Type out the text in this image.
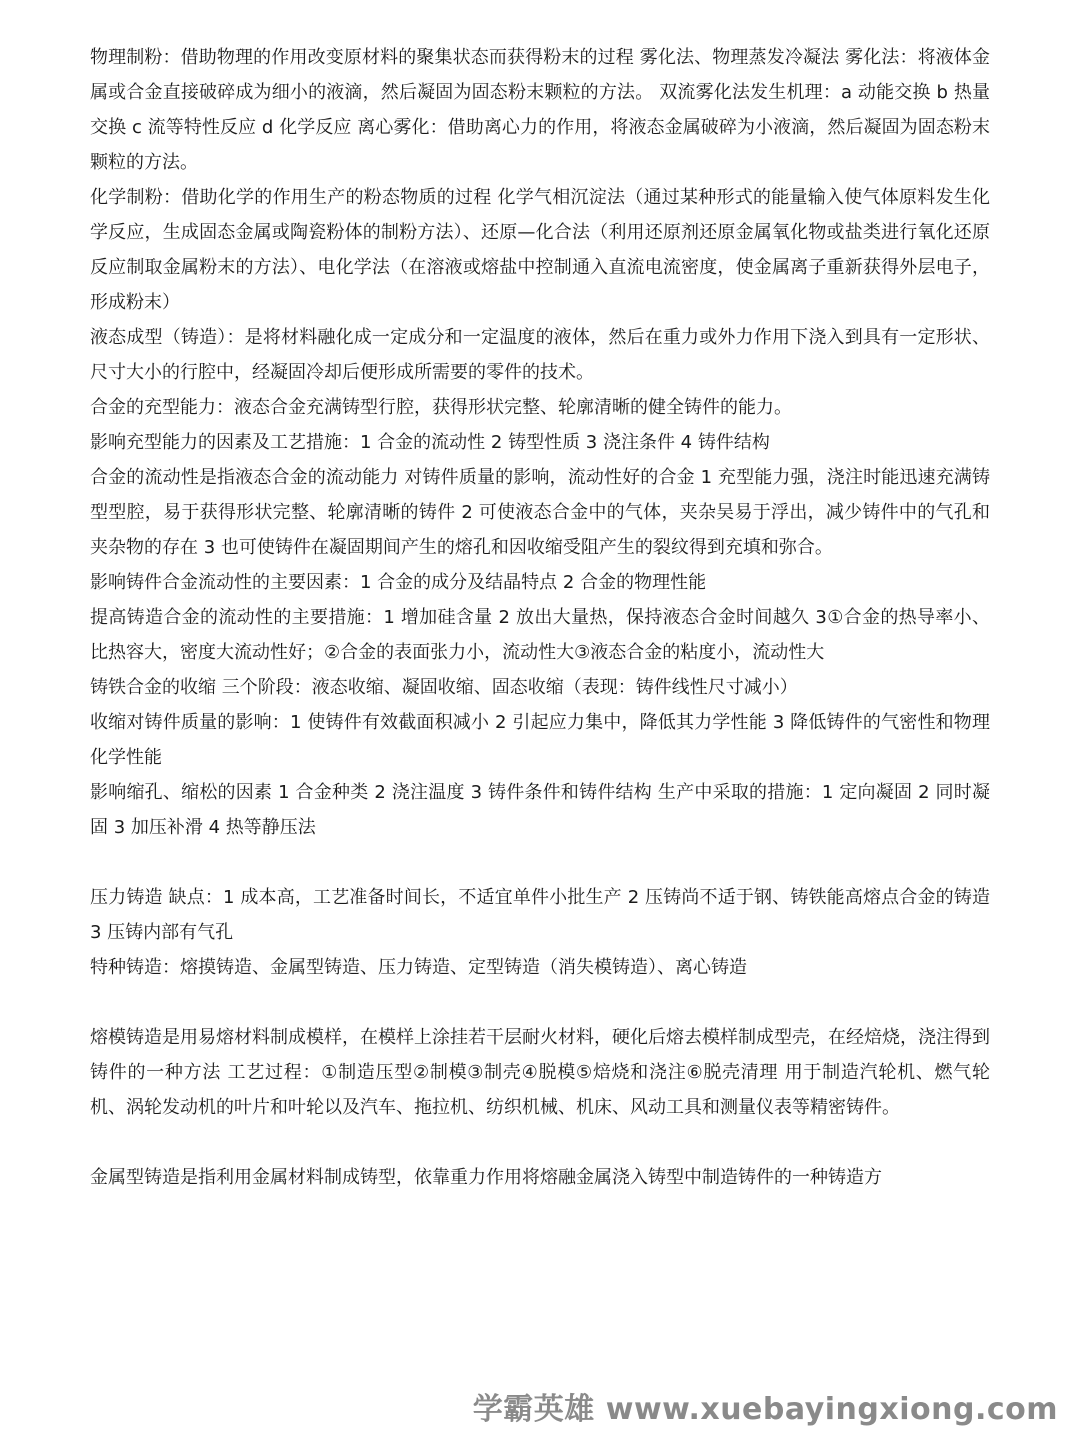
物理制粉：借助物理的作用改变原材料的聚集状态而获得粉末的过程 雾化法、物理蒸发冷凝法 雾化法：将液体金属或合金直接破碎成为细小的液滴，然后凝固为固态粉末颗粒的方法。 双流雾化法发生机理：a 动能交换 b 热量交换 c 流等特性反应 d 化学反应 离心雾化：借助离心力的作用，将液态金属破碎为小液滴，然后凝固为固态粉末颗粒的方法。

化学制粉：借助化学的作用生产的粉态物质的过程 化学气相沉淀法（通过某种形式的能量输入使气体原料发生化学反应，生成固态金属或陶瓷粉体的制粉方法）、还原—化合法（利用还原剂还原金属氧化物或盐类进行氧化还原反应制取金属粉末的方法）、电化学法（在溶液或熔盐中控制通入直流电流密度，使金属离子重新获得外层电子，形成粉末）

液态成型（铸造）：是将材料融化成一定成分和一定温度的液体，然后在重力或外力作用下浇入到具有一定形状、尺寸大小的行腔中，经凝固冷却后便形成所需要的零件的技术。

合金的充型能力：液态合金充满铸型行腔，获得形状完整、轮廓清晰的健全铸件的能力。

影响充型能力的因素及工艺措施：1 合金的流动性 2 铸型性质 3 浇注条件 4 铸件结构

合金的流动性是指液态合金的流动能力 对铸件质量的影响，流动性好的合金 1 充型能力强，浇注时能迅速充满铸型型腔，易于获得形状完整、轮廓清晰的铸件 2 可使液态合金中的气体，夹杂吴易于浮出，减少铸件中的气孔和夹杂物的存在 3 也可使铸件在凝固期间产生的熔孔和因收缩受阻产生的裂纹得到充填和弥合。

影响铸件合金流动性的主要因素：1 合金的成分及结晶特点 2 合金的物理性能

提高铸造合金的流动性的主要措施：1 增加硅含量 2 放出大量热，保持液态合金时间越久 3①合金的热导率小、比热容大，密度大流动性好；②合金的表面张力小，流动性大③液态合金的粘度小，流动性大

铸铁合金的收缩 三个阶段：液态收缩、凝固收缩、固态收缩（表现：铸件线性尺寸减小）

收缩对铸件质量的影响：1 使铸件有效截面积减小 2 引起应力集中，降低其力学性能 3 降低铸件的气密性和物理化学性能

影响缩孔、缩松的因素 1 合金种类 2 浇注温度 3 铸件条件和铸件结构 生产中采取的措施：1 定向凝固 2 同时凝固 3 加压补滑 4 热等静压法

压力铸造 缺点：1 成本高，工艺准备时间长，不适宜单件小批生产 2 压铸尚不适于钢、铸铁能高熔点合金的铸造 3 压铸内部有气孔

特种铸造：熔摸铸造、金属型铸造、压力铸造、定型铸造（消失模铸造）、离心铸造

熔模铸造是用易熔材料制成模样，在模样上涂挂若干层耐火材料，硬化后熔去模样制成型壳，在经焙烧，浇注得到铸件的一种方法 工艺过程：①制造压型②制模③制壳④脱模⑤焙烧和浇注⑥脱壳清理 用于制造汽轮机、燃气轮机、涡轮发动机的叶片和叶轮以及汽车、拖拉机、纺织机械、机床、风动工具和测量仪表等精密铸件。

金属型铸造是指利用金属材料制成铸型，依靠重力作用将熔融金属浇入铸型中制造铸件的一种铸造方

学霸英雄 www.xuebayingxiong.com
